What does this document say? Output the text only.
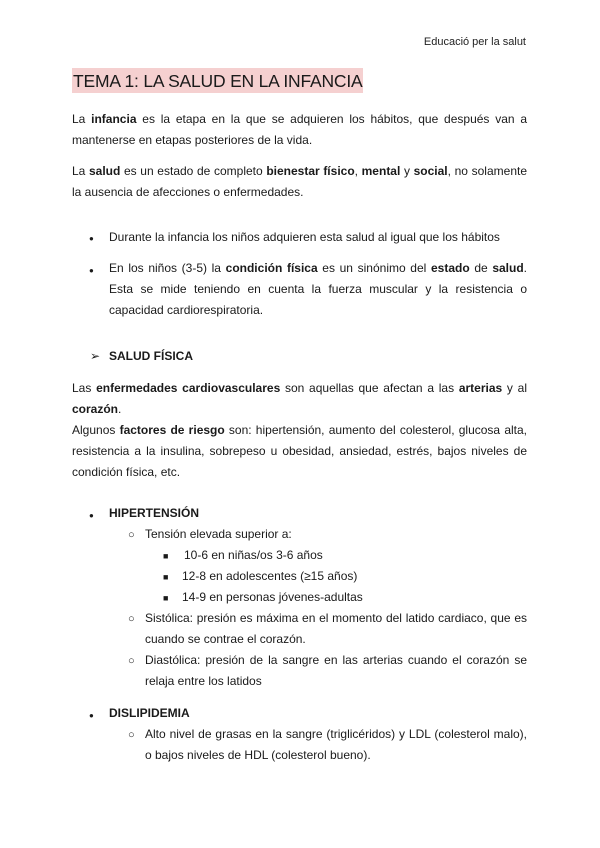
Educació per la salut
TEMA 1: LA SALUD EN LA INFANCIA
La infancia es la etapa en la que se adquieren los hábitos, que después van a mantenerse en etapas posteriores de la vida.
La salud es un estado de completo bienestar físico, mental y social, no solamente la ausencia de afecciones o enfermedades.
● Durante la infancia los niños adquieren esta salud al igual que los hábitos
● En los niños (3-5) la condición física es un sinónimo del estado de salud. Esta se mide teniendo en cuenta la fuerza muscular y la resistencia o capacidad cardiorespiratoria.
➢ SALUD FÍSICA
Las enfermedades cardiovasculares son aquellas que afectan a las arterias y al corazón.
Algunos factores de riesgo son: hipertensión, aumento del colesterol, glucosa alta, resistencia a la insulina, sobrepeso u obesidad, ansiedad, estrés, bajos niveles de condición física, etc.
● HIPERTENSIÓN
○ Tensión elevada superior a:
■ 10-6 en niñas/os 3-6 años
■ 12-8 en adolescentes (≥15 años)
■ 14-9 en personas jóvenes-adultas
○ Sistólica: presión es máxima en el momento del latido cardiaco, que es cuando se contrae el corazón.
○ Diastólica: presión de la sangre en las arterias cuando el corazón se relaja entre los latidos
● DISLIPIDEMIA
○ Alto nivel de grasas en la sangre (triglicéridos) y LDL (colesterol malo), o bajos niveles de HDL (colesterol bueno).
